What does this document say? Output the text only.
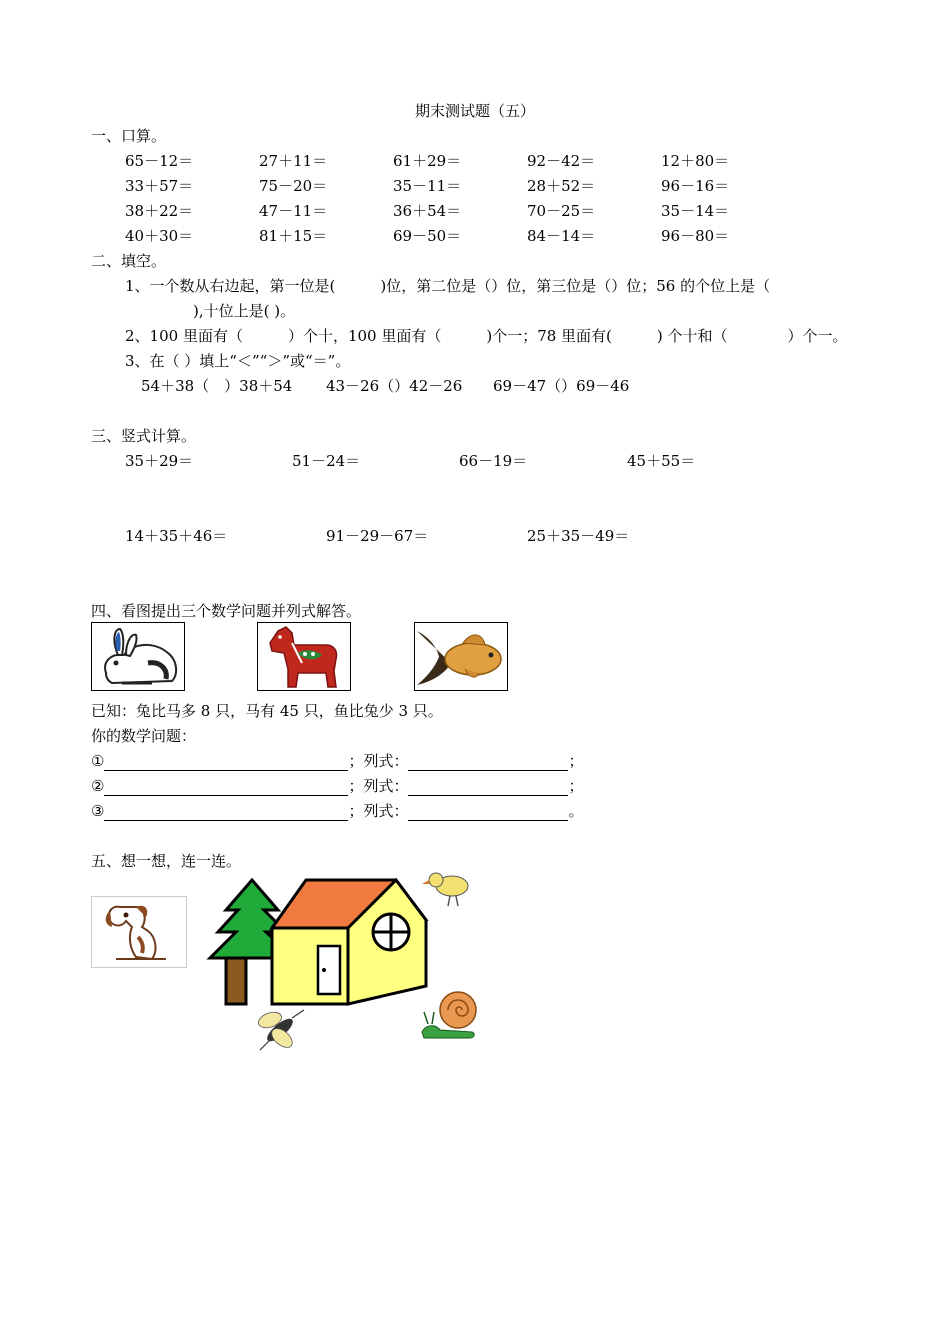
期末测试题（五）
一、口算。
65－12＝	27＋11＝	61＋29＝	92－42＝	12＋80＝
33＋57＝	75－20＝	35－11＝	28＋52＝	96－16＝
38＋22＝	47－11＝	36＋54＝	70－25＝	35－14＝
40＋30＝	81＋15＝	69－50＝	84－14＝	96－80＝
二、填空。
1、一个数从右边起，第一位是(　　　)位，第二位是（）位，第三位是（）位；56 的个位上是（
),十位上是( )。
2、100 里面有（　　　）个十，100 里面有（　　　)个一；78 里面有(　　　) 个十和（　　　　）个一。
3、在（ ）填上“＜”“＞”或“＝”。
54＋38（　）38＋54 43－26（）42－26 69－47（）69－46
三、竖式计算。
35＋29＝	51－24＝	66－19＝	45＋55＝
14＋35＋46＝	91－29－67＝	25＋35－49＝
四、看图提出三个数学问题并列式解答。
已知：兔比马多 8 只，马有 45 只，鱼比兔少 3 只。
你的数学问题：
①	；列式：	；
②	；列式：	；
③	；列式：	。
五、想一想，连一连。
